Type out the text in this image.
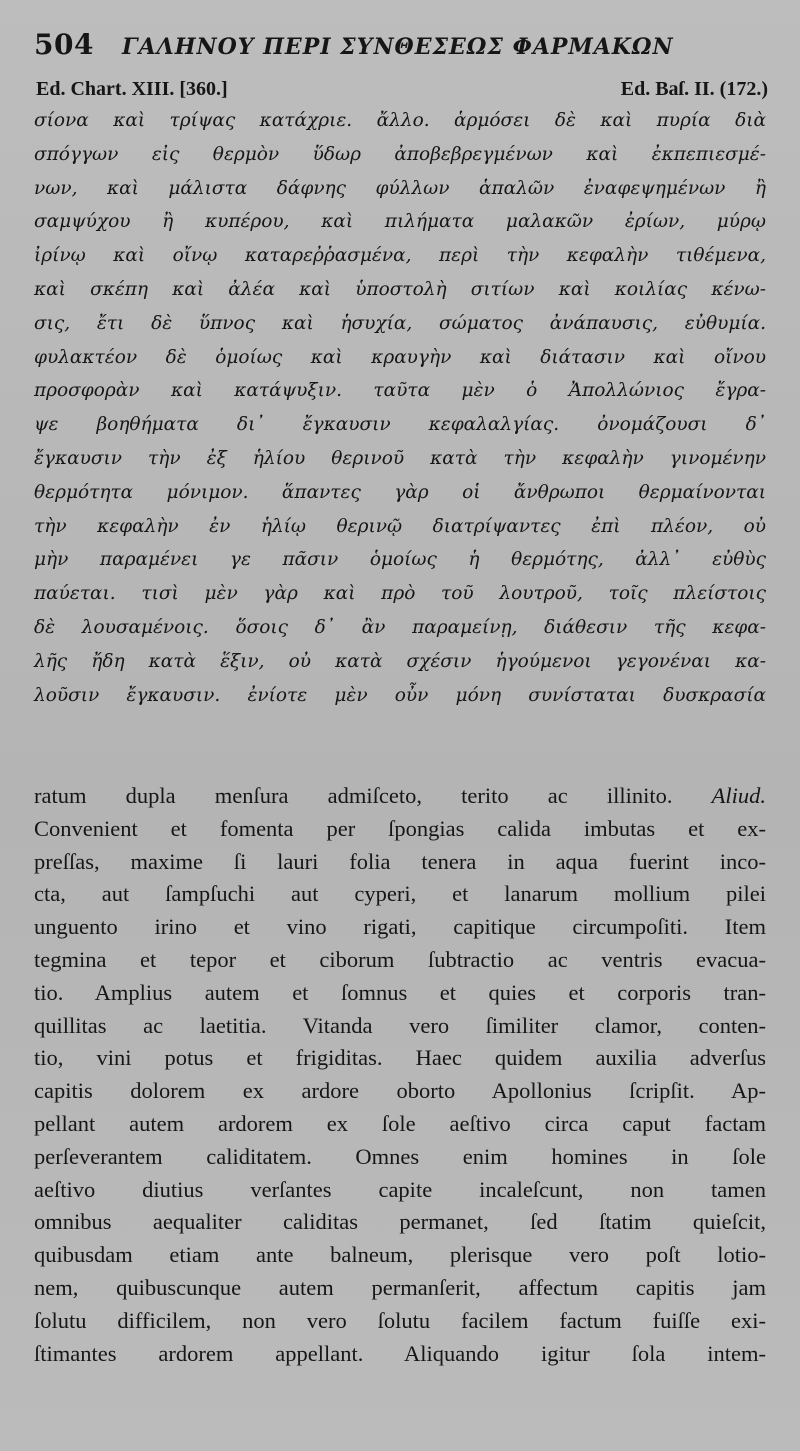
504 ΓΑΛΗΝΟΥ ΠΕΡΙ ΣΥΝΘΕΣΕΩΣ ΦΑΡΜΑΚΩΝ
Ed. Chart. XIII. [360.]	Ed. Baſ. II. (172.)
σίονα καὶ τρίψας κατάχριε. ἄλλο. ἁρμόσει δὲ καὶ πυρία διὰ
σπόγγων εἰς θερμὸν ὕδωρ ἀποβεβρεγμένων καὶ ἐκπεπιεσμέ-
νων, καὶ μάλιστα δάφνης φύλλων ἁπαλῶν ἐναφεψημένων ἢ
σαμψύχου ἢ κυπέρου, καὶ πιλήματα μαλακῶν ἐρίων, μύρῳ
ἰρίνῳ καὶ οἴνῳ καταρεῤῥασμένα, περὶ τὴν κεφαλὴν τιθέμενα,
καὶ σκέπη καὶ ἀλέα καὶ ὑποστολὴ σιτίων καὶ κοιλίας κένω-
σις, ἔτι δὲ ὕπνος καὶ ἡσυχία, σώματος ἀνάπαυσις, εὐθυμία.
φυλακτέον δὲ ὁμοίως καὶ κραυγὴν καὶ διάτασιν καὶ οἴνου
προσφορὰν καὶ κατάψυξιν. ταῦτα μὲν ὁ Ἀπολλώνιος ἔγρα-
ψε βοηθήματα δι᾽ ἔγκαυσιν κεφαλαλγίας. ὀνομάζουσι δ᾽
ἔγκαυσιν τὴν ἐξ ἡλίου θερινοῦ κατὰ τὴν κεφαλὴν γινομένην
θερμότητα μόνιμον. ἅπαντες γὰρ οἱ ἄνθρωποι θερμαίνονται
τὴν κεφαλὴν ἐν ἡλίῳ θερινῷ διατρίψαντες ἐπὶ πλέον, οὐ
μὴν παραμένει γε πᾶσιν ὁμοίως ἡ θερμότης, ἀλλ᾽ εὐθὺς
παύεται. τισὶ μὲν γὰρ καὶ πρὸ τοῦ λουτροῦ, τοῖς πλείστοις
δὲ λουσαμένοις. ὅσοις δ᾽ ἂν παραμείνῃ, διάθεσιν τῆς κεφα-
λῆς ἤδη κατὰ ἕξιν, οὐ κατὰ σχέσιν ἡγούμενοι γεγονέναι κα-
λοῦσιν ἔγκαυσιν. ἐνίοτε μὲν οὖν μόνη συνίσταται δυσκρασία
ratum dupla menſura admiſceto, terito ac illinito. Aliud.
Convenient et fomenta per ſpongias calida imbutas et ex-
preſſas, maxime ſi lauri folia tenera in aqua fuerint inco-
cta, aut ſampſuchi aut cyperi, et lanarum mollium pilei
unguento irino et vino rigati, capitique circumpoſiti. Item
tegmina et tepor et ciborum ſubtractio ac ventris evacua-
tio. Amplius autem et ſomnus et quies et corporis tran-
quillitas ac laetitia. Vitanda vero ſimiliter clamor, conten-
tio, vini potus et frigiditas. Haec quidem auxilia adverſus
capitis dolorem ex ardore oborto Apollonius ſcripſit. Ap-
pellant autem ardorem ex ſole aeſtivo circa caput factam
perſeverantem caliditatem. Omnes enim homines in ſole
aeſtivo diutius verſantes capite incaleſcunt, non tamen
omnibus aequaliter caliditas permanet, ſed ſtatim quieſcit,
quibusdam etiam ante balneum, plerisque vero poſt lotio-
nem, quibuscunque autem permanſerit, affectum capitis jam
ſolutu difficilem, non vero ſolutu facilem factum fuiſſe exi-
ſtimantes ardorem appellant. Aliquando igitur ſola intem-
